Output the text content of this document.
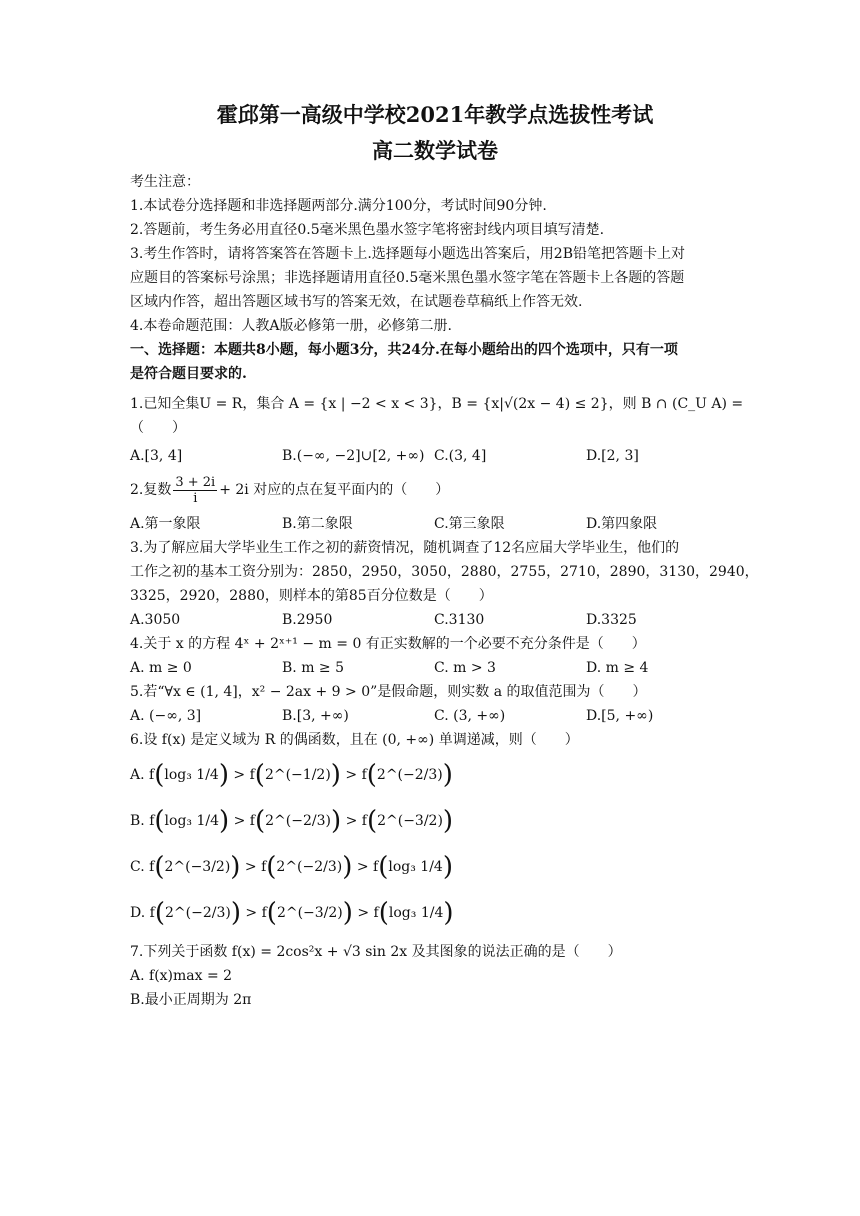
霍邱第一高级中学校2021年教学点选拔性考试
高二数学试卷
考生注意：
1.本试卷分选择题和非选择题两部分.满分100分，考试时间90分钟.
2.答题前，考生务必用直径0.5毫米黑色墨水签字笔将密封线内项目填写清楚.
3.考生作答时，请将答案答在答题卡上.选择题每小题选出答案后，用2B铅笔把答题卡上对
应题目的答案标号涂黑；非选择题请用直径0.5毫米黑色墨水签字笔在答题卡上各题的答题
区域内作答，超出答题区域书写的答案无效，在试题卷草稿纸上作答无效.
4.本卷命题范围：人教A版必修第一册，必修第二册.
一、选择题：本题共8小题，每小题3分，共24分.在每小题给出的四个选项中，只有一项
是符合题目要求的.
1.已知全集U = R，集合 A = {x | −2 < x < 3}，B = {x|√(2x − 4) ≤ 2}，则 B ∩ (C_U A) =
（　　）
A.[3, 4]	B.(−∞, −2]∪[2, +∞) C.(3, 4]	D.[2, 3]
2.复数 $\frac{3 + 2i}{i} + 2i$ 对应的点在复平面内的（　　）
A.第一象限	B.第二象限	C.第三象限	D.第四象限
3.为了解应届大学毕业生工作之初的薪资情况，随机调查了12名应届大学毕业生，他们的
工作之初的基本工资分别为：2850，2950，3050，2880，2755，2710，2890，3130，2940，
3325，2920，2880，则样本的第85百分位数是（　　）
A.3050	B.2950	C.3130	D.3325
4.关于 x 的方程 4ˣ + 2ˣ⁺¹ − m = 0 有正实数解的一个必要不充分条件是（　　）
A. m ≥ 0	B. m ≥ 5	C. m > 3	D. m ≥ 4
5.若“∀x ∈ (1, 4]，x² − 2ax + 9 > 0”是假命题，则实数 a 的取值范围为（　　）
A. (−∞, 3]	B.[3, +∞)	C. (3, +∞)	D.[5, +∞)
6.设 f(x) 是定义域为 R 的偶函数，且在 (0, +∞) 单调递减，则（　　）
A. f ( log₃ 1/4 ) > f ( 2^(−1/2) ) > f ( 2^(−2/3) )
B. f ( log₃ 1/4 ) > f ( 2^(−2/3) ) > f ( 2^(−3/2) )
C. f ( 2^(−3/2) ) > f ( 2^(−2/3) ) > f ( log₃ 1/4 )
D. f ( 2^(−2/3) ) > f ( 2^(−3/2) ) > f ( log₃ 1/4 )
7.下列关于函数 f(x) = 2cos²x + √3 sin 2x 及其图象的说法正确的是（　　）
A. f(x)max = 2
B.最小正周期为 2π
